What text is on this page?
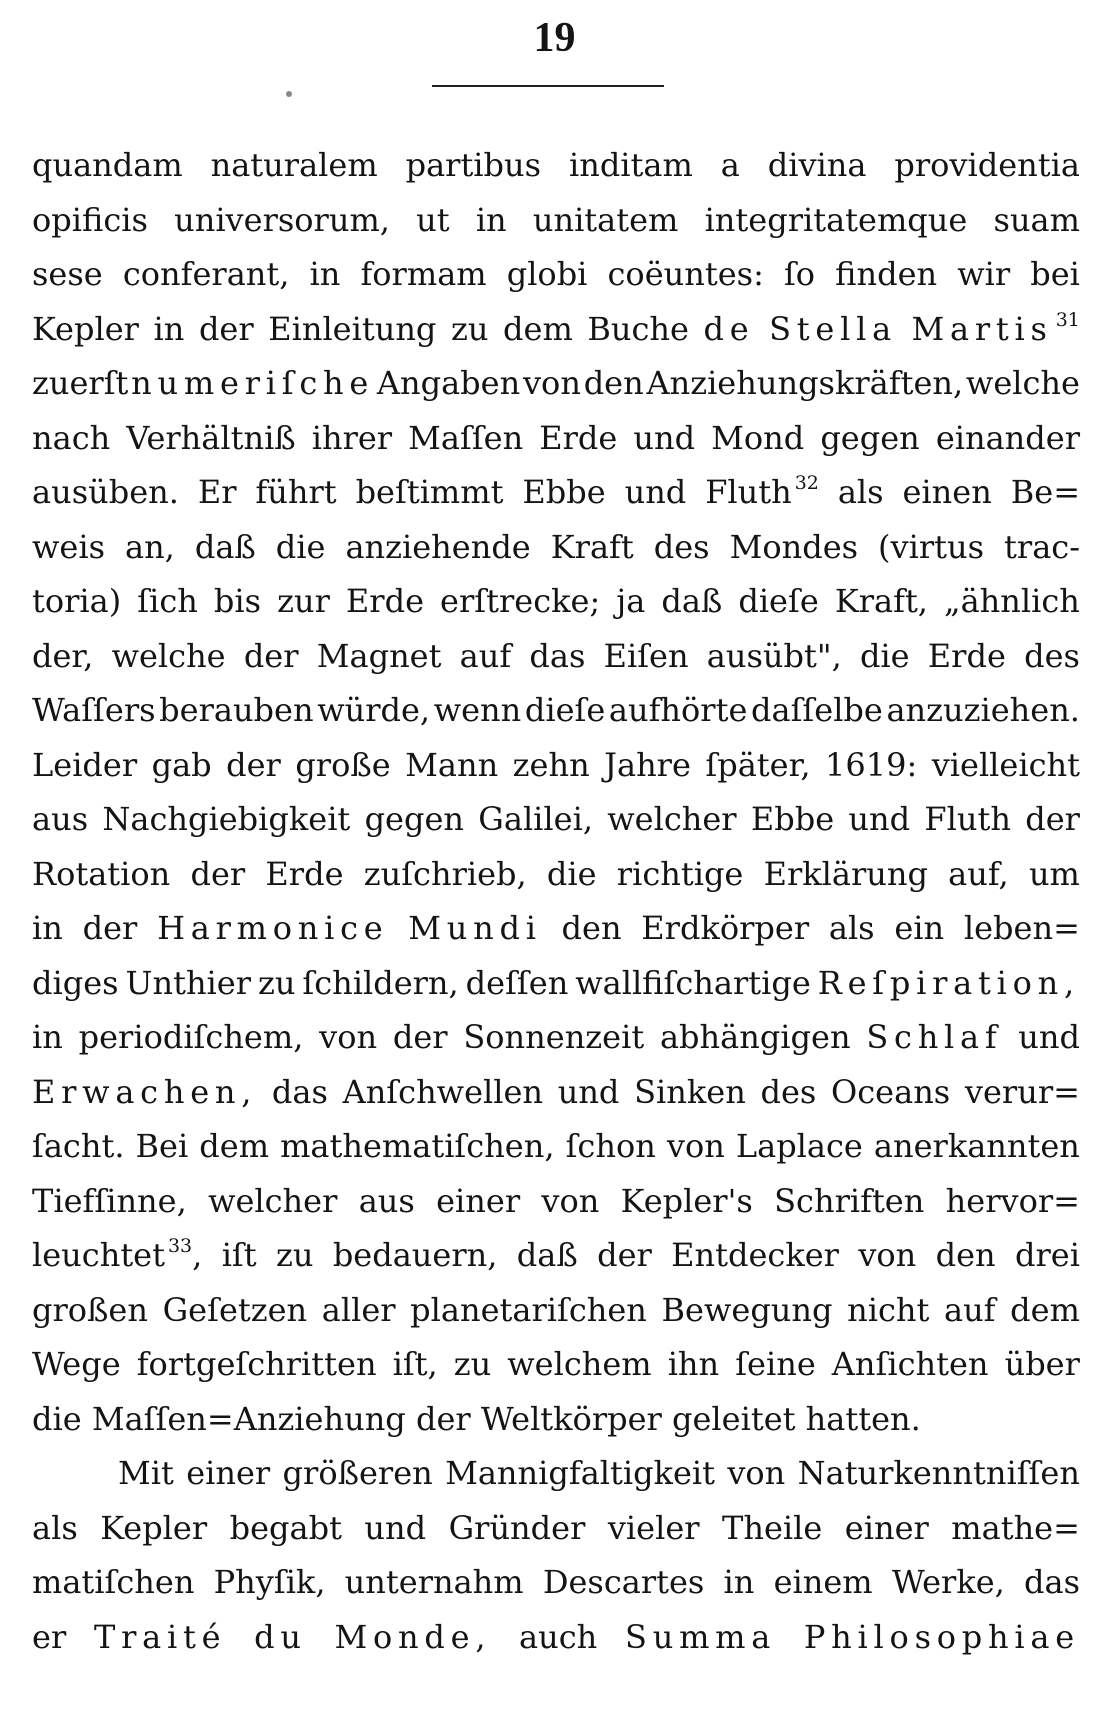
19
quandam naturalem partibus inditam a divina providentia
opificis universorum, ut in unitatem integritatemque suam
sese conferant, in formam globi coëuntes: ſo finden wir bei
Kepler in der Einleitung zu dem Buche de Stella Martis $^{31}$
zuerſt numeriſche Angaben von den Anziehungskräften, welche
nach Verhältniß ihrer Maſſen Erde und Mond gegen einander
ausüben. Er führt beſtimmt Ebbe und Fluth $^{32}$ als einen Be=
weis an, daß die anziehende Kraft des Mondes (virtus trac-
toria) ſich bis zur Erde erſtrecke; ja daß dieſe Kraft, „ähnlich
der, welche der Magnet auf das Eiſen ausübt", die Erde des
Waſſers berauben würde, wenn dieſe aufhörte daſſelbe anzuziehen.
Leider gab der große Mann zehn Jahre ſpäter, 1619: vielleicht
aus Nachgiebigkeit gegen Galilei, welcher Ebbe und Fluth der
Rotation der Erde zuſchrieb, die richtige Erklärung auf, um
in der Harmonice Mundi den Erdkörper als ein leben=
diges Unthier zu ſchildern, deſſen wallfiſchartige Reſpiration,
in periodiſchem, von der Sonnenzeit abhängigen Schlaf und
Erwachen, das Anſchwellen und Sinken des Oceans verur=
ſacht. Bei dem mathematiſchen, ſchon von Laplace anerkannten
Tiefſinne, welcher aus einer von Kepler's Schriften hervor=
leuchtet $^{33}$, iſt zu bedauern, daß der Entdecker von den drei
großen Geſetzen aller planetariſchen Bewegung nicht auf dem
Wege fortgeſchritten iſt, zu welchem ihn ſeine Anſichten über
die
Maſſen=Anziehung
der
Weltkörper
geleitet
hatten.
Mit einer größeren Mannigfaltigkeit von Naturkenntniſſen
als Kepler begabt und Gründer vieler Theile einer mathe=
matiſchen Phyſik, unternahm Descartes in einem Werke, das
er Traité du Monde, auch Summa Philosophiae
